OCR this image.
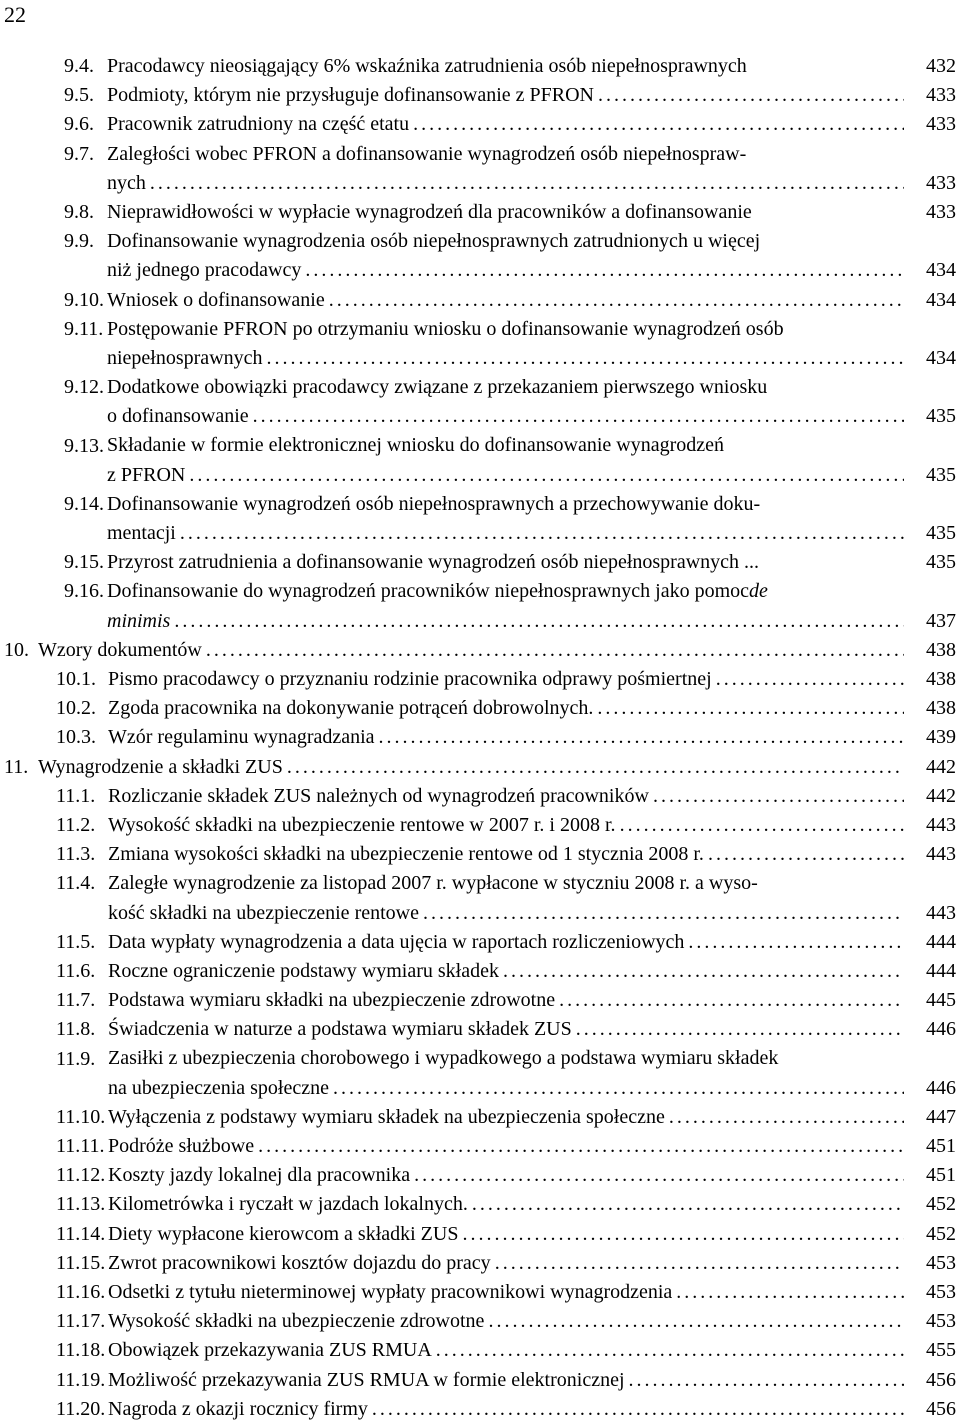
22
9.4. Pracodawcy nieosiągający 6% wskaźnika zatrudnienia osób niepełnosprawnych	432
9.5. Podmioty, którym nie przysługuje dofinansowanie z PFRON . . .	433
9.6. Pracownik zatrudniony na część etatu . . .	433
9.7. Zaległości wobec PFRON a dofinansowanie wynagrodzeń osób niepełnospraw-
nych . . .	433
9.8. Nieprawidłowości w wypłacie wynagrodzeń dla pracowników a dofinansowanie	433
9.9. Dofinansowanie wynagrodzenia osób niepełnosprawnych zatrudnionych u więcej
niż jednego pracodawcy . . .	434
9.10. Wniosek o dofinansowanie . . .	434
9.11. Postępowanie PFRON po otrzymaniu wniosku o dofinansowanie wynagrodzeń osób
niepełnosprawnych . . .	434
9.12. Dodatkowe obowiązki pracodawcy związane z przekazaniem pierwszego wniosku
o dofinansowanie . . .	435
9.13. Składanie w formie elektronicznej wniosku do dofinansowanie wynagrodzeń
z PFRON . . .	435
9.14. Dofinansowanie wynagrodzeń osób niepełnosprawnych a przechowywanie doku-
mentacji . . .	435
9.15. Przyrost zatrudnienia a dofinansowanie wynagrodzeń osób niepełnosprawnych ...	435
9.16. Dofinansowanie do wynagrodzeń pracowników niepełnosprawnych jako pomoc de
minimis . . .	437
10. Wzory dokumentów . . .	438
10.1. Pismo pracodawcy o przyznaniu rodzinie pracownika odprawy pośmiertnej . . .	438
10.2. Zgoda pracownika na dokonywanie potrąceń dobrowolnych. . . .	438
10.3. Wzór regulaminu wynagradzania . . .	439
11. Wynagrodzenie a składki ZUS . . .	442
11.1. Rozliczanie składek ZUS należnych od wynagrodzeń pracowników . . .	442
11.2. Wysokość składki na ubezpieczenie rentowe w 2007 r. i 2008 r. . . .	443
11.3. Zmiana wysokości składki na ubezpieczenie rentowe od 1 stycznia 2008 r. . . .	443
11.4. Zaległe wynagrodzenie za listopad 2007 r. wypłacone w styczniu 2008 r. a wyso-
kość składki na ubezpieczenie rentowe . . .	443
11.5. Data wypłaty wynagrodzenia a data ujęcia w raportach rozliczeniowych . . .	444
11.6. Roczne ograniczenie podstawy wymiaru składek . . .	444
11.7. Podstawa wymiaru składki na ubezpieczenie zdrowotne . . .	445
11.8. Świadczenia w naturze a podstawa wymiaru składek ZUS . . .	446
11.9. Zasiłki z ubezpieczenia chorobowego i wypadkowego a podstawa wymiaru składek
na ubezpieczenia społeczne . . .	446
11.10. Wyłączenia z podstawy wymiaru składek na ubezpieczenia społeczne . . .	447
11.11. Podróże służbowe . . .	451
11.12. Koszty jazdy lokalnej dla pracownika . . .	451
11.13. Kilometrówka i ryczałt w jazdach lokalnych. . . .	452
11.14. Diety wypłacone kierowcom a składki ZUS . . .	452
11.15. Zwrot pracownikowi kosztów dojazdu do pracy . . .	453
11.16. Odsetki z tytułu nieterminowej wypłaty pracownikowi wynagrodzenia . . .	453
11.17. Wysokość składki na ubezpieczenie zdrowotne . . .	453
11.18. Obowiązek przekazywania ZUS RMUA . . .	455
11.19. Możliwość przekazywania ZUS RMUA w formie elektronicznej . . .	456
11.20. Nagroda z okazji rocznicy firmy . . .	456
